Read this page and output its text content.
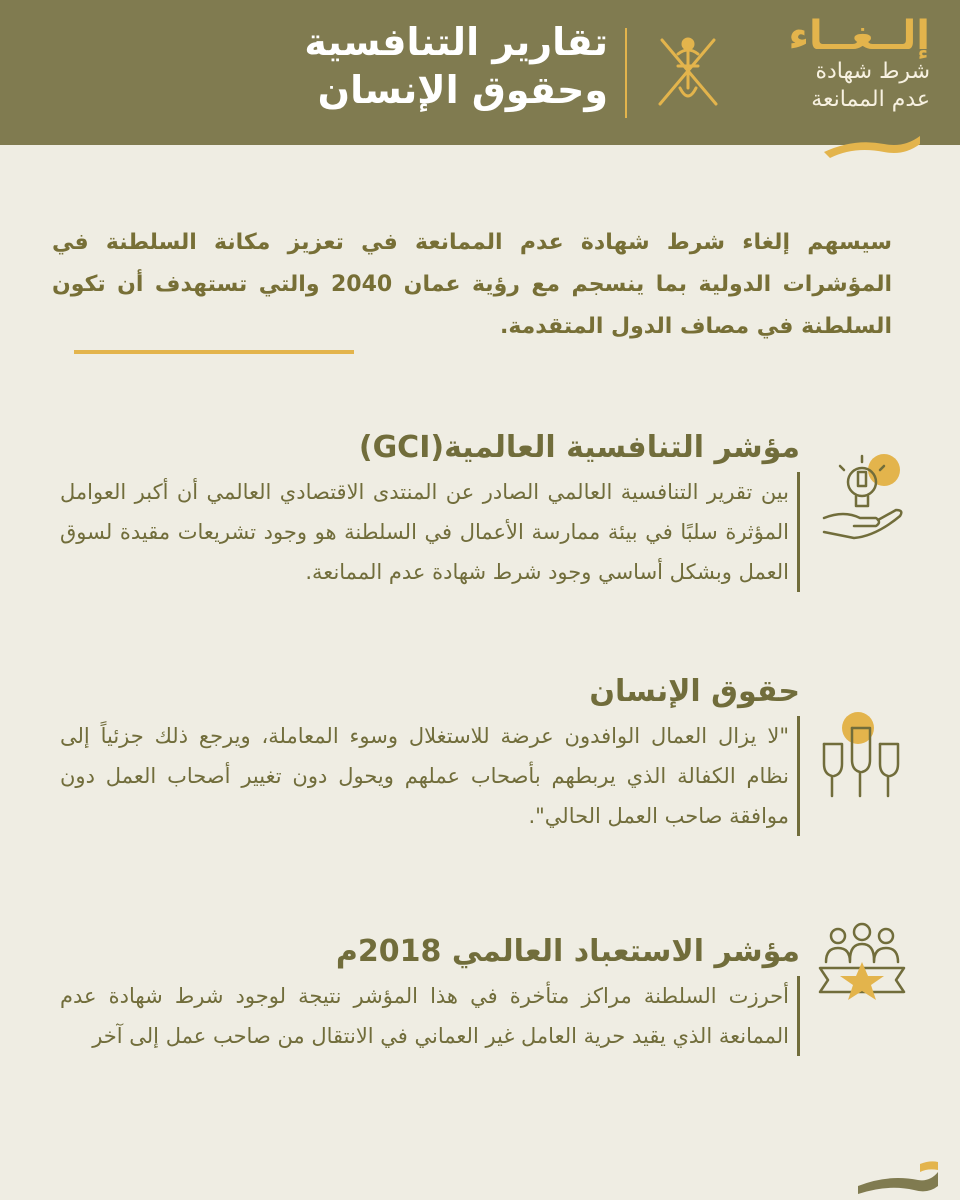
إلــغــاء
شرط شهادة
عدم الممانعة
تقارير التنافسية
وحقوق الإنسان
سيسهم إلغاء شرط شهادة عدم الممانعة في تعزيز مكانة السلطنة في المؤشرات الدولية بما ينسجم مع رؤية عمان 2040 والتي تستهدف أن تكون السلطنة في مصاف الدول المتقدمة.
مؤشر التنافسية العالمية(GCI)
بين تقرير التنافسية العالمي الصادر عن المنتدى الاقتصادي العالمي أن أكبر العوامل المؤثرة سلبًا في بيئة ممارسة الأعمال في السلطنة هو وجود تشريعات مقيدة لسوق العمل وبشكل أساسي وجود شرط شهادة عدم الممانعة.
حقوق الإنسان
"لا يزال العمال الوافدون عرضة للاستغلال وسوء المعاملة، ويرجع ذلك جزئياً إلى نظام الكفالة الذي يربطهم بأصحاب عملهم ويحول دون تغيير أصحاب العمل دون موافقة صاحب العمل الحالي".
مؤشر الاستعباد العالمي 2018م
أحرزت السلطنة مراكز متأخرة في هذا المؤشر نتيجة لوجود شرط شهادة عدم الممانعة الذي يقيد حرية العامل غير العماني في الانتقال من صاحب عمل إلى آخر
